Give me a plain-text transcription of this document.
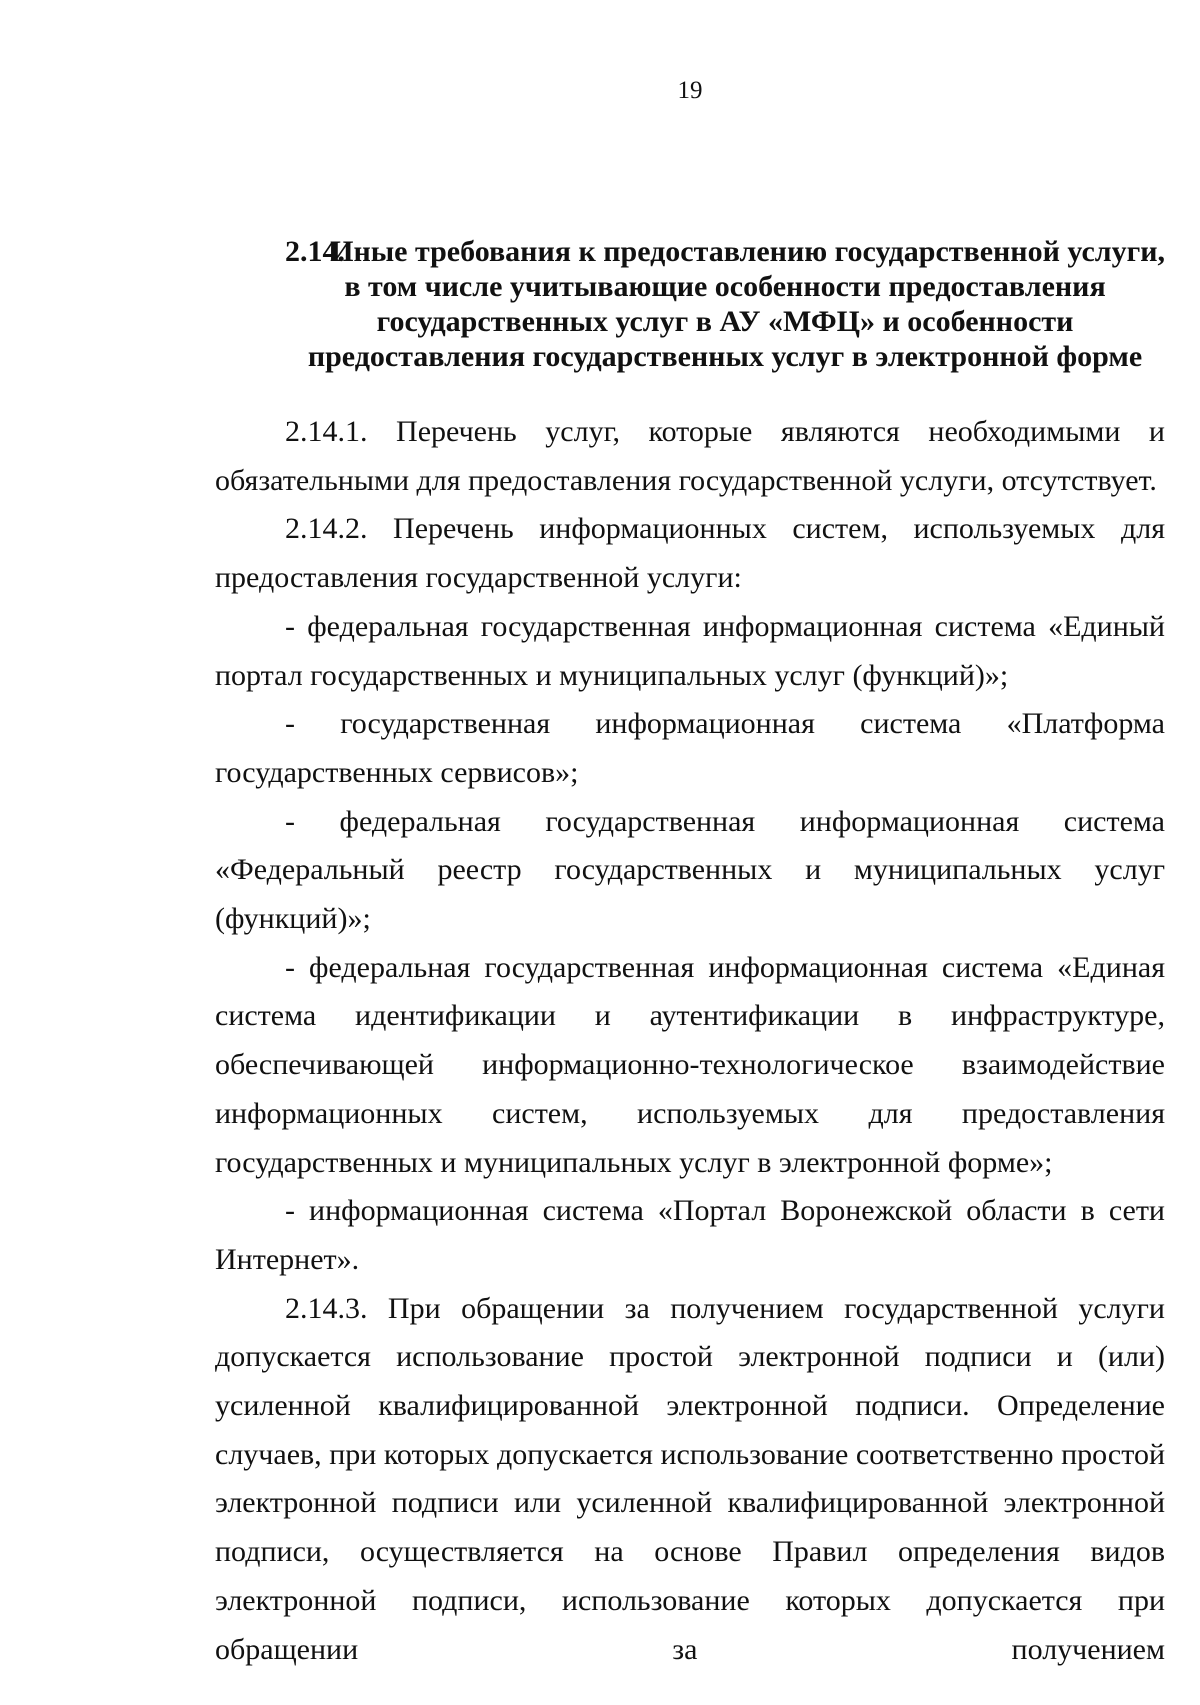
19
2.14.
Иные требования к предоставлению государственной услуги,
в том числе учитывающие особенности предоставления
государственных услуг в АУ «МФЦ» и особенности
предоставления государственных услуг в электронной форме

2.14.1. Перечень услуг, которые являются необходимыми и обязательными для предоставления государственной услуги, отсутствует.

2.14.2. Перечень информационных систем, используемых для предоставления государственной услуги:

- федеральная государственная информационная система «Единый портал государственных и муниципальных услуг (функций)»;

- государственная информационная система «Платформа государственных сервисов»;

- федеральная государственная информационная система «Федеральный реестр государственных и муниципальных услуг (функций)»;

- федеральная государственная информационная система «Единая система идентификации и аутентификации в инфраструктуре, обеспечивающей информационно-технологическое взаимодействие информационных систем, используемых для предоставления государственных и муниципальных услуг в электронной форме»;

- информационная система «Портал Воронежской области в сети Интернет».

2.14.3. При обращении за получением государственной услуги допускается использование простой электронной подписи и (или) усиленной квалифицированной электронной подписи. Определение случаев, при которых допускается использование соответственно простой электронной подписи или усиленной квалифицированной электронной подписи, осуществляется на основе Правил определения видов электронной подписи, использование которых допускается при обращении за получением
